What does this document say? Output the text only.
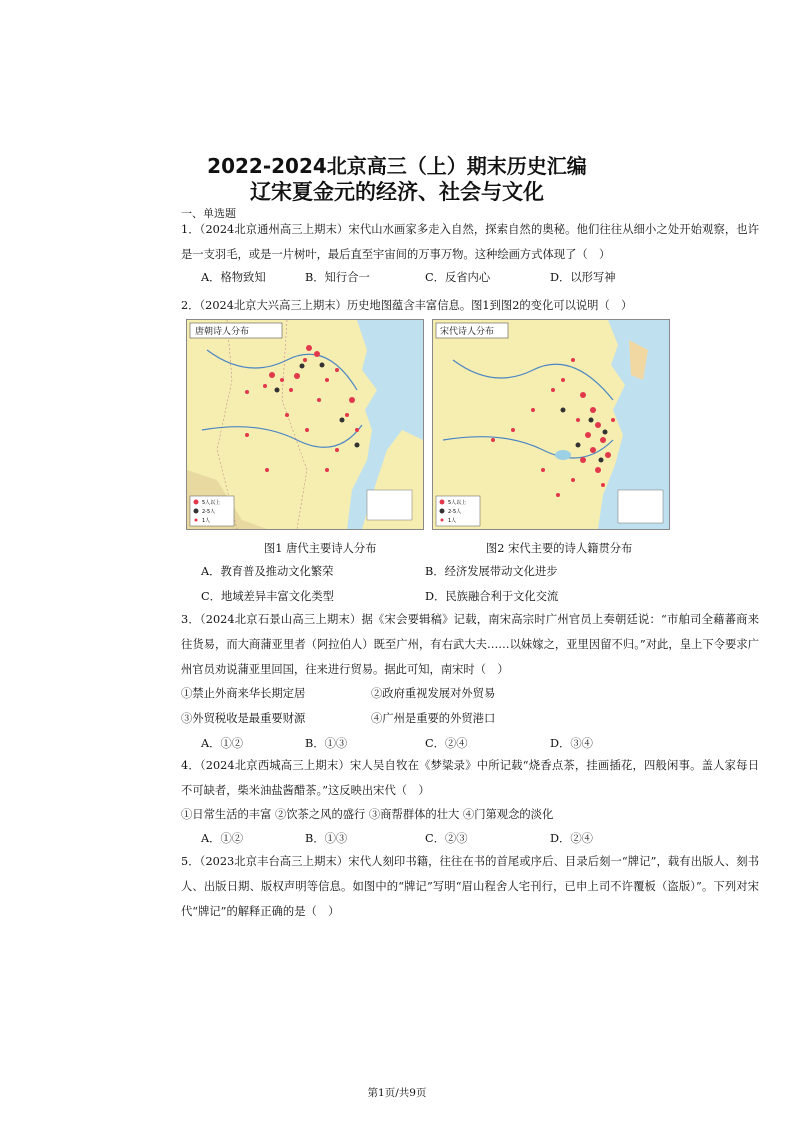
2022-2024北京高三（上）期末历史汇编
辽宋夏金元的经济、社会与文化
一、单选题
1．（2024北京通州高三上期末）宋代山水画家多走入自然，探索自然的奥秘。他们往往从细小之处开始观察，也许是一支羽毛，或是一片树叶，最后直至宇宙间的万事万物。这种绘画方式体现了（　）
A．格物致知	B．知行合一	C．反省内心	D．以形写神
2．（2024北京大兴高三上期末）历史地图蕴含丰富信息。图1到图2的变化可以说明（　）
唐朝诗人分布
5人以上
2-5人
1人
宋代诗人分布
5人以上
2-5人
1人
图1 唐代主要诗人分布	图2 宋代主要的诗人籍贯分布
A．教育普及推动文化繁荣	B．经济发展带动文化进步
C．地域差异丰富文化类型	D．民族融合利于文化交流
3．（2024北京石景山高三上期末）据《宋会要辑稿》记载，南宋高宗时广州官员上奏朝廷说：“市舶司全藉蕃商来往货易，而大商蒲亚里者（阿拉伯人）既至广州，有右武大夫……以妹嫁之，亚里因留不归。”对此，皇上下令要求广州官员劝说蒲亚里回国，往来进行贸易。据此可知，南宋时（　）
①禁止外商来华长期定居	②政府重视发展对外贸易
③外贸税收是最重要财源	④广州是重要的外贸港口
A．①②	B．①③	C．②④	D．③④
4．（2024北京西城高三上期末）宋人吴自牧在《梦粱录》中所记载“烧香点茶，挂画插花，四般闲事。盖人家每日不可缺者，柴米油盐酱醋茶。”这反映出宋代（　）
①日常生活的丰富 ②饮茶之风的盛行 ③商帮群体的壮大 ④门第观念的淡化
A．①②	B．①③	C．②③	D．②④
5．（2023北京丰台高三上期末）宋代人刻印书籍，往往在书的首尾或序后、目录后刻一“牌记”，载有出版人、刻书人、出版日期、版权声明等信息。如图中的“牌记”写明“眉山程舍人宅刊行，已申上司不许覆板（盗版）”。下列对宋代“牌记”的解释正确的是（　）
第1页/共9页
